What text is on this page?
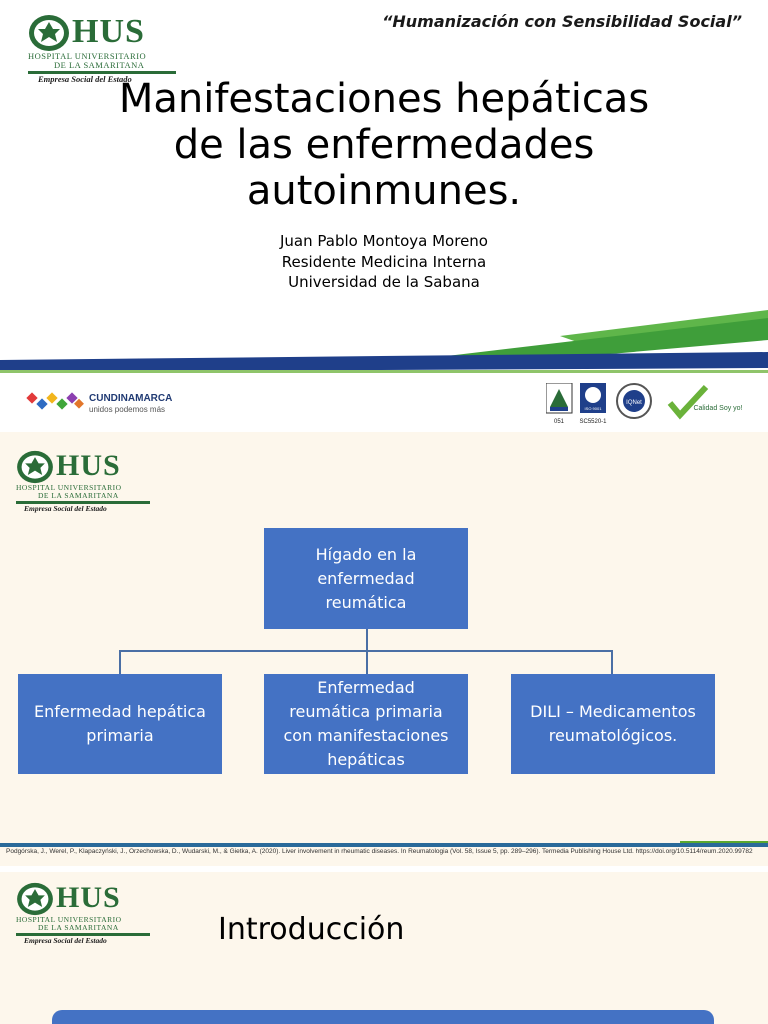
HUS
HOSPITAL UNIVERSITARIO
DE LA SAMARITANA
Empresa Social del Estado
“Humanización con Sensibilidad Social”
Manifestaciones hepáticas
de las enfermedades
autoinmunes.
Juan Pablo Montoya Moreno
Residente Medicina Interna
Universidad de la Sabana
CUNDINAMARCA
unidos podemos más
051
ISO 9001
SC5520-1
IQNet
Calidad Soy yo!
HUS
HOSPITAL UNIVERSITARIO
DE LA SAMARITANA
Empresa Social del Estado
Hígado en la
enfermedad
reumática
Enfermedad hepática
primaria
Enfermedad
reumática primaria
con manifestaciones
hepáticas
DILI – Medicamentos
reumatológicos.
Podgórska, J., Werel, P., Klapaczyński, J., Orzechowska, D., Wudarski, M., & Gietka, A. (2020). Liver involvement in rheumatic diseases. In Reumatologia (Vol. 58, Issue 5, pp. 289–296). Termedia Publishing House Ltd. https://doi.org/10.5114/reum.2020.99782
HUS
HOSPITAL UNIVERSITARIO
DE LA SAMARITANA
Empresa Social del Estado	Introducción
